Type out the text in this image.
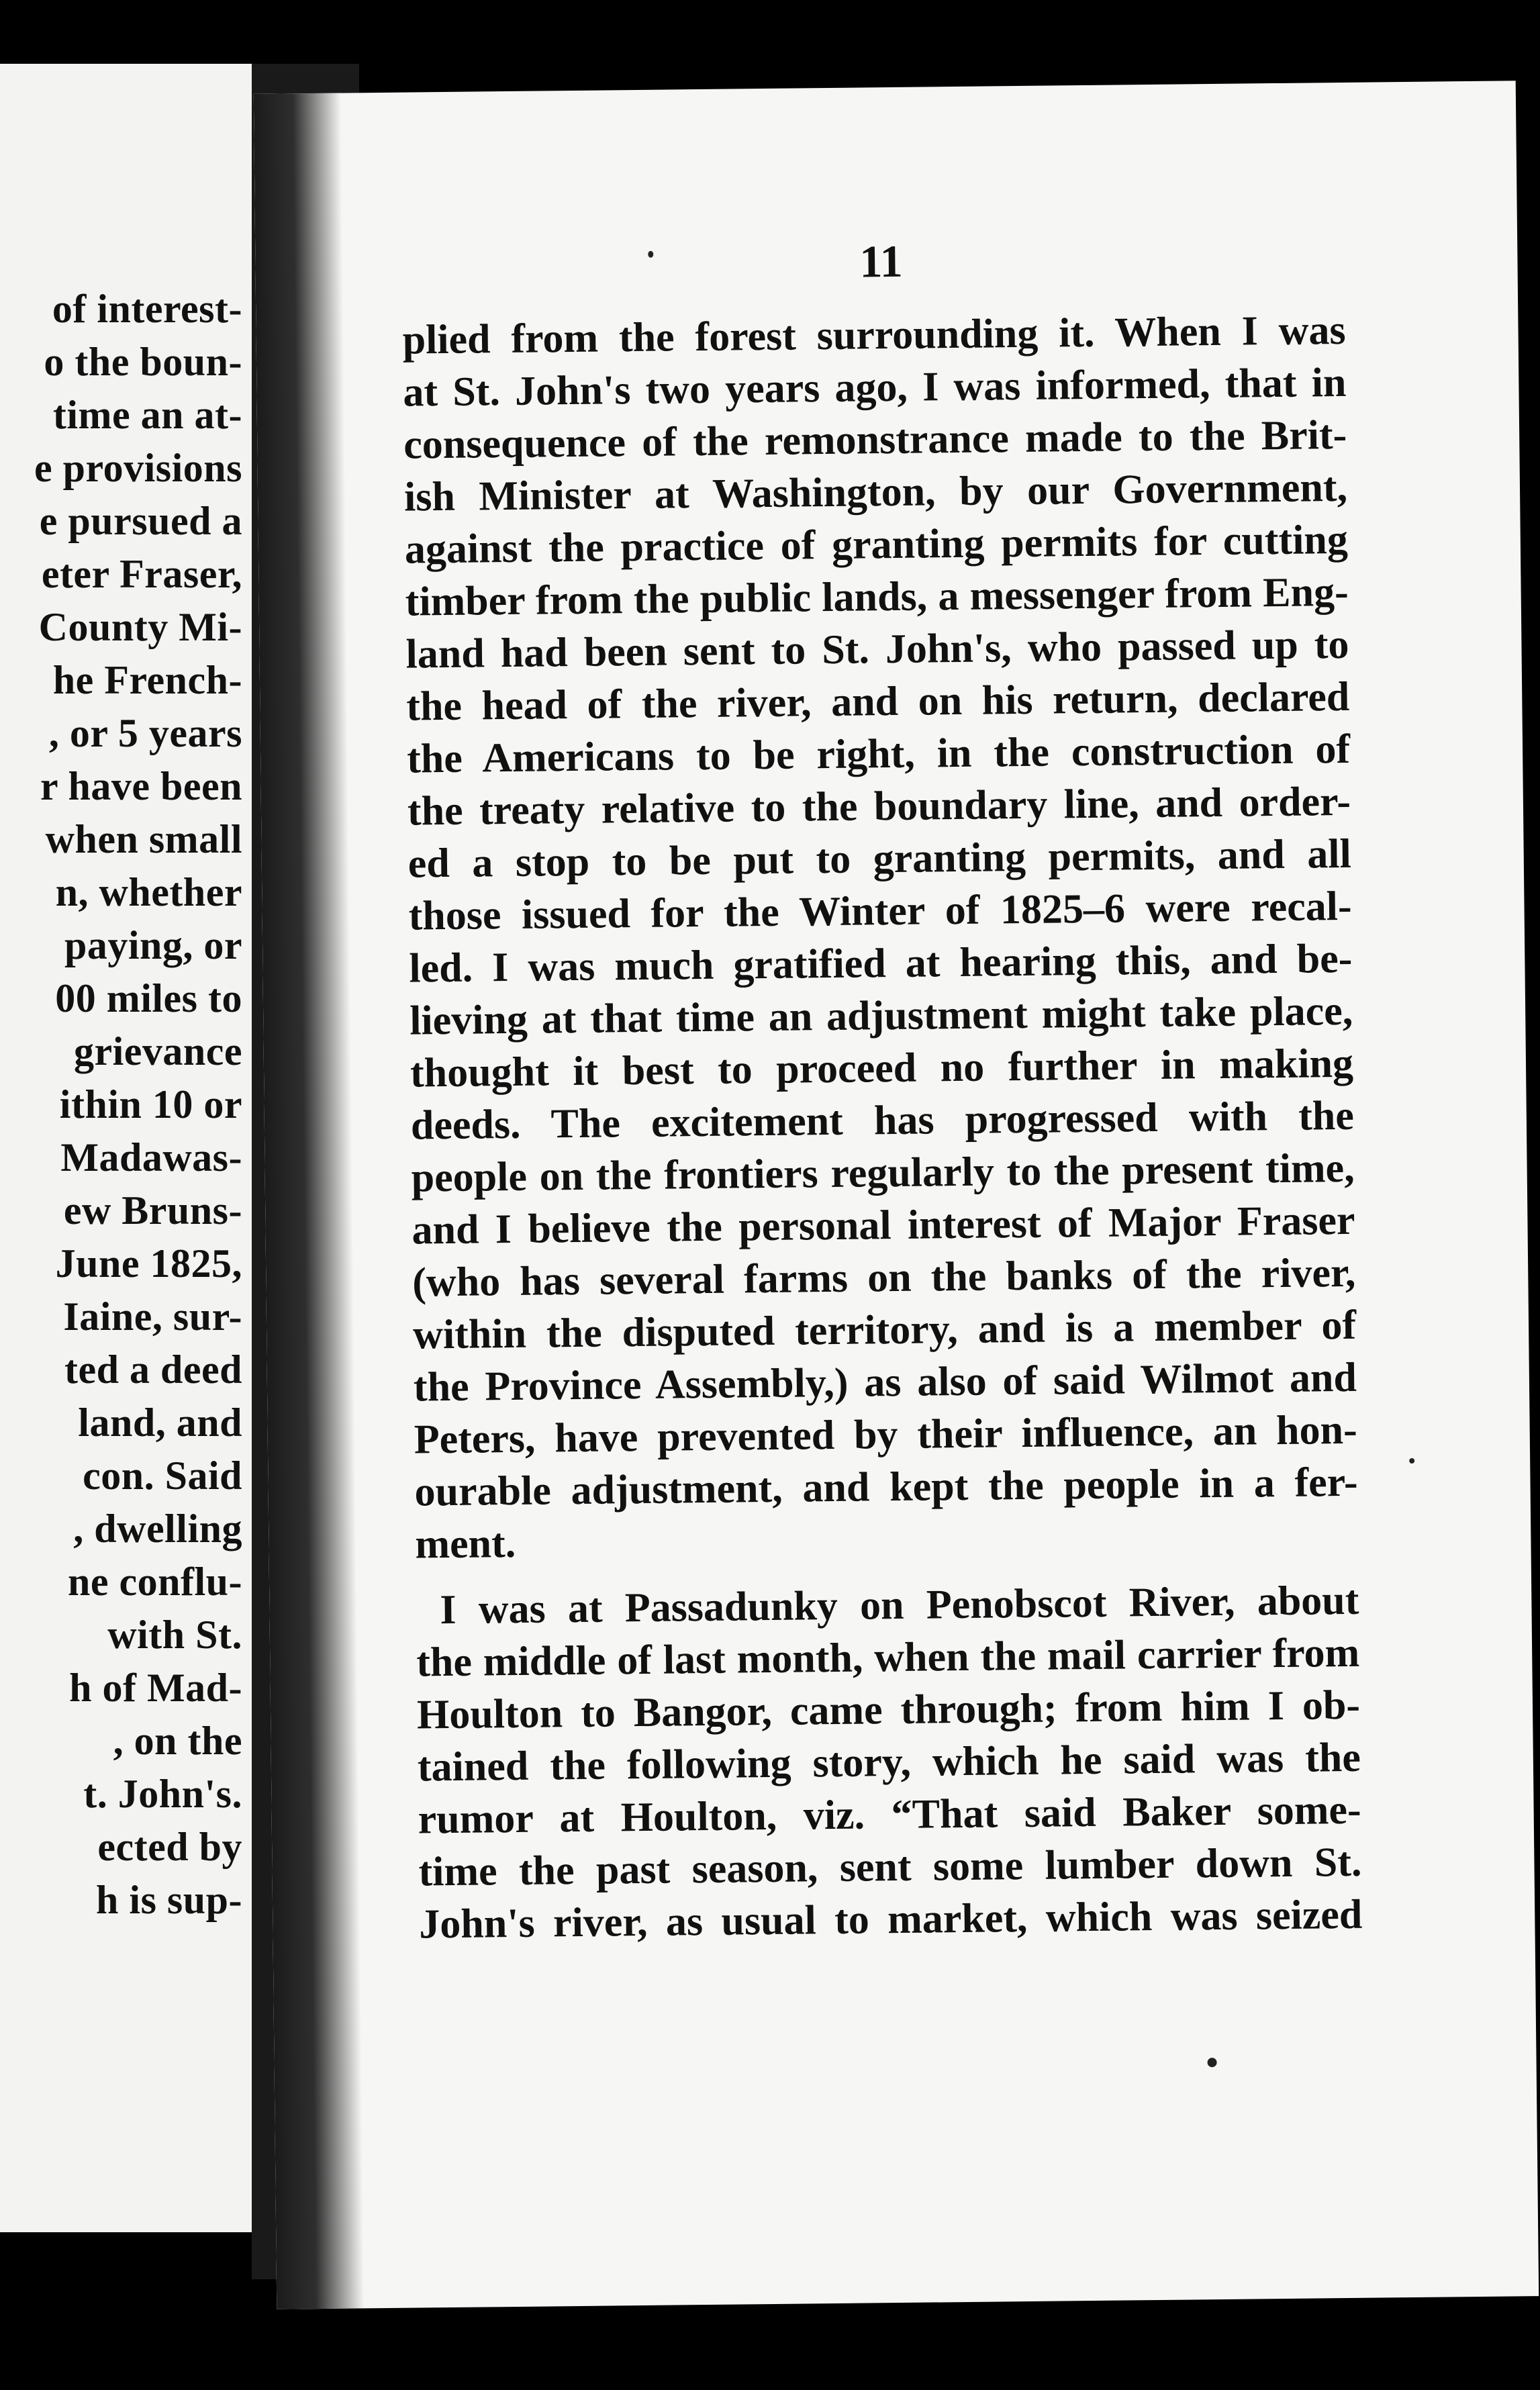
of interest-
o the boun-
time an at-
e provisions
e pursued a
eter Fraser,
County Mi-
he French-
, or 5 years
r have been
when small
n, whether
paying, or
00 miles to
grievance
ithin 10 or
Madawas-
ew Bruns-
June 1825,
Iaine, sur-
ted a deed
land, and
con. Said
, dwelling
ne conflu-
with St.
h of Mad-
, on the
t. John's.
ected by
h is sup-
11
plied from the forest surrounding it. When I was
at St. John's two years ago, I was informed, that in
consequence of the remonstrance made to the Brit-
ish Minister at Washington, by our Government,
against the practice of granting permits for cutting
timber from the public lands, a messenger from Eng-
land had been sent to St. John's, who passed up to
the head of the river, and on his return, declared
the Americans to be right, in the construction of
the treaty relative to the boundary line, and order-
ed a stop to be put to granting permits, and all
those issued for the Winter of 1825–6 were recal-
led. I was much gratified at hearing this, and be-
lieving at that time an adjustment might take place,
thought it best to proceed no further in making
deeds. The excitement has progressed with the
people on the frontiers regularly to the present time,
and I believe the personal interest of Major Fraser
(who has several farms on the banks of the river,
within the disputed territory, and is a member of
the Province Assembly,) as also of said Wilmot and
Peters, have prevented by their influence, an hon-
ourable adjustment, and kept the people in a fer-
ment.
I was at Passadunky on Penobscot River, about
the middle of last month, when the mail carrier from
Houlton to Bangor, came through; from him I ob-
tained the following story, which he said was the
rumor at Houlton, viz. “That said Baker some-
time the past season, sent some lumber down St.
John's river, as usual to market, which was seized
